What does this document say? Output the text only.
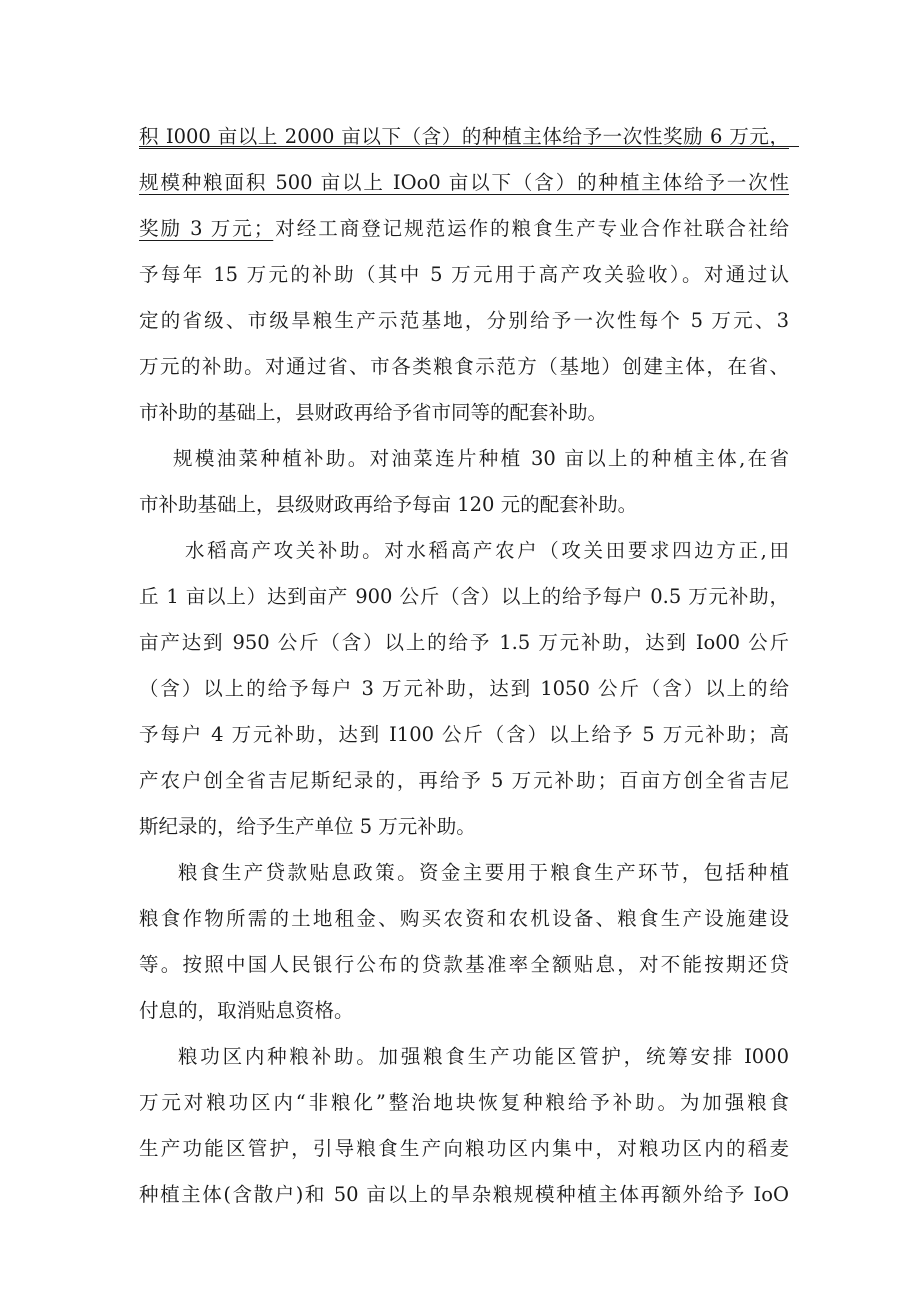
积 I000 亩以上 2000 亩以下（含）的种植主体给予一次性奖励 6 万元，
规模种粮面积 500 亩以上 IOo0 亩以下（含）的种植主体给予一次性
奖励 3 万元；对经工商登记规范运作的粮食生产专业合作社联合社给
予每年 15 万元的补助（其中 5 万元用于高产攻关验收）。对通过认
定的省级、市级旱粮生产示范基地，分别给予一次性每个 5 万元、3
万元的补助。对通过省、市各类粮食示范方（基地）创建主体，在省、
市补助的基础上，县财政再给予省市同等的配套补助。
规模油菜种植补助。对油菜连片种植 30 亩以上的种植主体,在省
市补助基础上，县级财政再给予每亩 120 元的配套补助。
水稻高产攻关补助。对水稻高产农户（攻关田要求四边方正,田
丘 1 亩以上）达到亩产 900 公斤（含）以上的给予每户 0.5 万元补助，
亩产达到 950 公斤（含）以上的给予 1.5 万元补助，达到 Io00 公斤
（含）以上的给予每户 3 万元补助，达到 1050 公斤（含）以上的给
予每户 4 万元补助，达到 I100 公斤（含）以上给予 5 万元补助；高
产农户创全省吉尼斯纪录的，再给予 5 万元补助；百亩方创全省吉尼
斯纪录的，给予生产单位 5 万元补助。
粮食生产贷款贴息政策。资金主要用于粮食生产环节，包括种植
粮食作物所需的土地租金、购买农资和农机设备、粮食生产设施建设
等。按照中国人民银行公布的贷款基准率全额贴息，对不能按期还贷
付息的，取消贴息资格。
粮功区内种粮补助。加强粮食生产功能区管护，统筹安排 I000
万元对粮功区内“非粮化”整治地块恢复种粮给予补助。为加强粮食
生产功能区管护，引导粮食生产向粮功区内集中，对粮功区内的稻麦
种植主体(含散户)和 50 亩以上的旱杂粮规模种植主体再额外给予 IoO
